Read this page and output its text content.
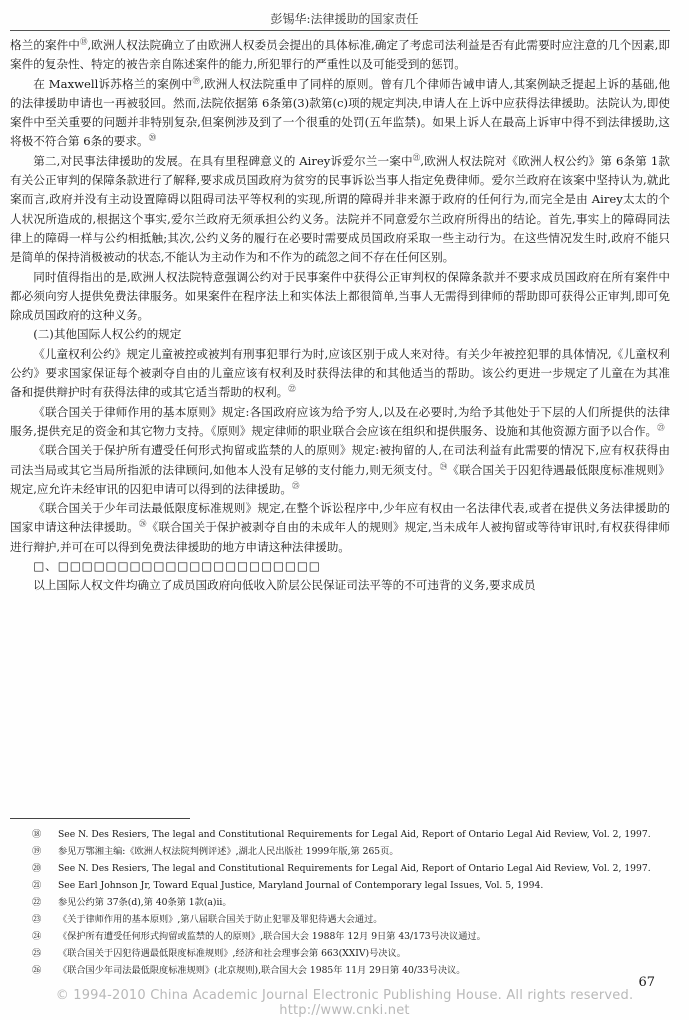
彭锡华:法律援助的国家责任

格兰的案件中⑱,欧洲人权法院确立了由欧洲人权委员会提出的具体标准,确定了考虑司法利益是否有此需要时应注意的几个因素,即案件的复杂性、特定的被告亲自陈述案件的能力,所犯罪行的严重性以及可能受到的惩罚。

在 Maxwell诉苏格兰的案例中⑲,欧洲人权法院重申了同样的原则。曾有几个律师告诫申请人,其案例缺乏提起上诉的基础,他的法律援助申请也一再被驳回。然而,法院依据第 6条第(3)款第(c)项的规定判决,申请人在上诉中应获得法律援助。法院认为,即使案件中至关重要的问题并非特别复杂,但案例涉及到了一个很重的处罚(五年监禁)。如果上诉人在最高上诉审中得不到法律援助,这将极不符合第 6条的要求。⑳

第二,对民事法律援助的发展。在具有里程碑意义的 Airey诉爱尔兰一案中$^㉑$,欧洲人权法院对《欧洲人权公约》第 6条第 1款有关公正审判的保障条款进行了解释,要求成员国政府为贫穷的民事诉讼当事人指定免费律师。爱尔兰政府在该案中坚持认为,就此案而言,政府并没有主动设置障碍以阻碍司法平等权利的实现,所谓的障碍并非来源于政府的任何行为,而完全是由 Airey太太的个人状况所造成的,根据这个事实,爱尔兰政府无须承担公约义务。法院并不同意爱尔兰政府所得出的结论。首先,事实上的障碍同法律上的障碍一样与公约相抵触;其次,公约义务的履行在必要时需要成员国政府采取一些主动行为。在这些情况发生时,政府不能只是简单的保持消极被动的状态,不能认为主动作为和不作为的疏忽之间不存在任何区别。

同时值得指出的是,欧洲人权法院特意强调公约对于民事案件中获得公正审判权的保障条款并不要求成员国政府在所有案件中都必须向穷人提供免费法律服务。如果案件在程序法上和实体法上都很简单,当事人无需得到律师的帮助即可获得公正审判,即可免除成员国政府的这种义务。

(二)其他国际人权公约的规定

《儿童权利公约》规定儿童被控或被判有刑事犯罪行为时,应该区别于成人来对待。有关少年被控犯罪的具体情况,《儿童权利公约》要求国家保证每个被剥夺自由的儿童应该有权利及时获得法律的和其他适当的帮助。该公约更进一步规定了儿童在为其准备和提供辩护时有获得法律的或其它适当帮助的权利。$^㉒$

《联合国关于律师作用的基本原则》规定:各国政府应该为给予穷人,以及在必要时,为给予其他处于下层的人们所提供的法律服务,提供充足的资金和其它物力支持。《原则》规定律师的职业联合会应该在组织和提供服务、设施和其他资源方面予以合作。$^㉓$

《联合国关于保护所有遭受任何形式拘留或监禁的人的原则》规定:被拘留的人,在司法利益有此需要的情况下,应有权获得由司法当局或其它当局所指派的法律顾问,如他本人没有足够的支付能力,则无须支付。$^㉔$《联合国关于囚犯待遇最低限度标准规则》规定,应允许未经审讯的囚犯申请可以得到的法律援助。$^㉕$

《联合国关于少年司法最低限度标准规则》规定,在整个诉讼程序中,少年应有权由一名法律代表,或者在提供义务法律援助的国家申请这种法律援助。$^㉖$《联合国关于保护被剥夺自由的未成年人的规则》规定,当未成年人被拘留或等待审讯时,有权获得律师进行辩护,并可在可以得到免费法律援助的地方申请这种法律援助。

□、□□□□□□□□□□□□□□□□□□□□□□

以上国际人权文件均确立了成员国政府向低收入阶层公民保证司法平等的不可违背的义务,要求成员

⑱ See N. Des Resiers, The legal and Constitutional Requirements for Legal Aid, Report of Ontario Legal Aid Review, Vol. 2, 1997.
⑲ 参见万鄂湘主编:《欧洲人权法院判例评述》,湖北人民出版社 1999年版,第 265页。
⑳ See N. Des Resiers, The legal and Constitutional Requirements for Legal Aid, Report of Ontario Legal Aid Review, Vol. 2, 1997.
㉑ See Earl Johnson Jr, Toward Equal Justice, Maryland Journal of Contemporary legal Issues, Vol. 5, 1994.
㉒ 参见公约第 37条(d),第 40条第 1款(a)ii。
㉓ 《关于律师作用的基本原则》,第八届联合国关于防止犯罪及罪犯待遇大会通过。
㉔ 《保护所有遭受任何形式拘留或监禁的人的原则》,联合国大会 1988年 12月 9日第 43/173号决议通过。
㉕ 《联合国关于囚犯待遇最低限度标准规则》,经济和社会理事会第 663(XXIV)号决议。
㉖ 《联合国少年司法最低限度标准规则》(北京规则),联合国大会 1985年 11月 29日第 40/33号决议。
67
© 1994-2010 China Academic Journal Electronic Publishing House. All rights reserved. http://www.cnki.net
